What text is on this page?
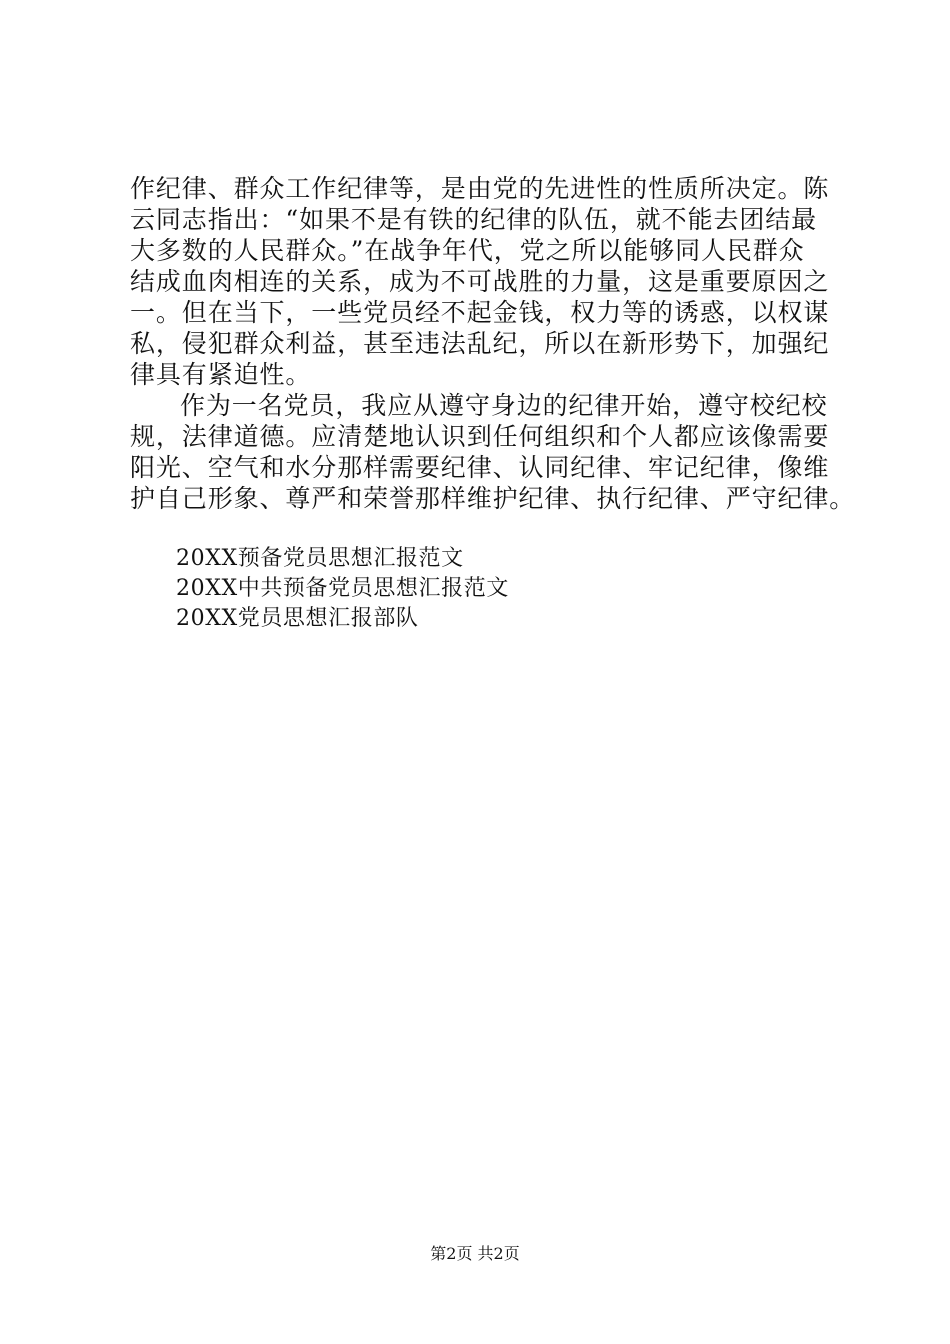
作纪律、群众工作纪律等，是由党的先进性的性质所决定。陈
云同志指出：“如果不是有铁的纪律的队伍，就不能去团结最
大多数的人民群众。”在战争年代，党之所以能够同人民群众
结成血肉相连的关系，成为不可战胜的力量，这是重要原因之
一。但在当下，一些党员经不起金钱，权力等的诱惑，以权谋
私，侵犯群众利益，甚至违法乱纪，所以在新形势下，加强纪
律具有紧迫性。
作为一名党员，我应从遵守身边的纪律开始，遵守校纪校
规，法律道德。应清楚地认识到任何组织和个人都应该像需要
阳光、空气和水分那样需要纪律、认同纪律、牢记纪律，像维
护自己形象、尊严和荣誉那样维护纪律、执行纪律、严守纪律。
20XX预备党员思想汇报范文
20XX中共预备党员思想汇报范文
20XX党员思想汇报部队
第2页 共2页
